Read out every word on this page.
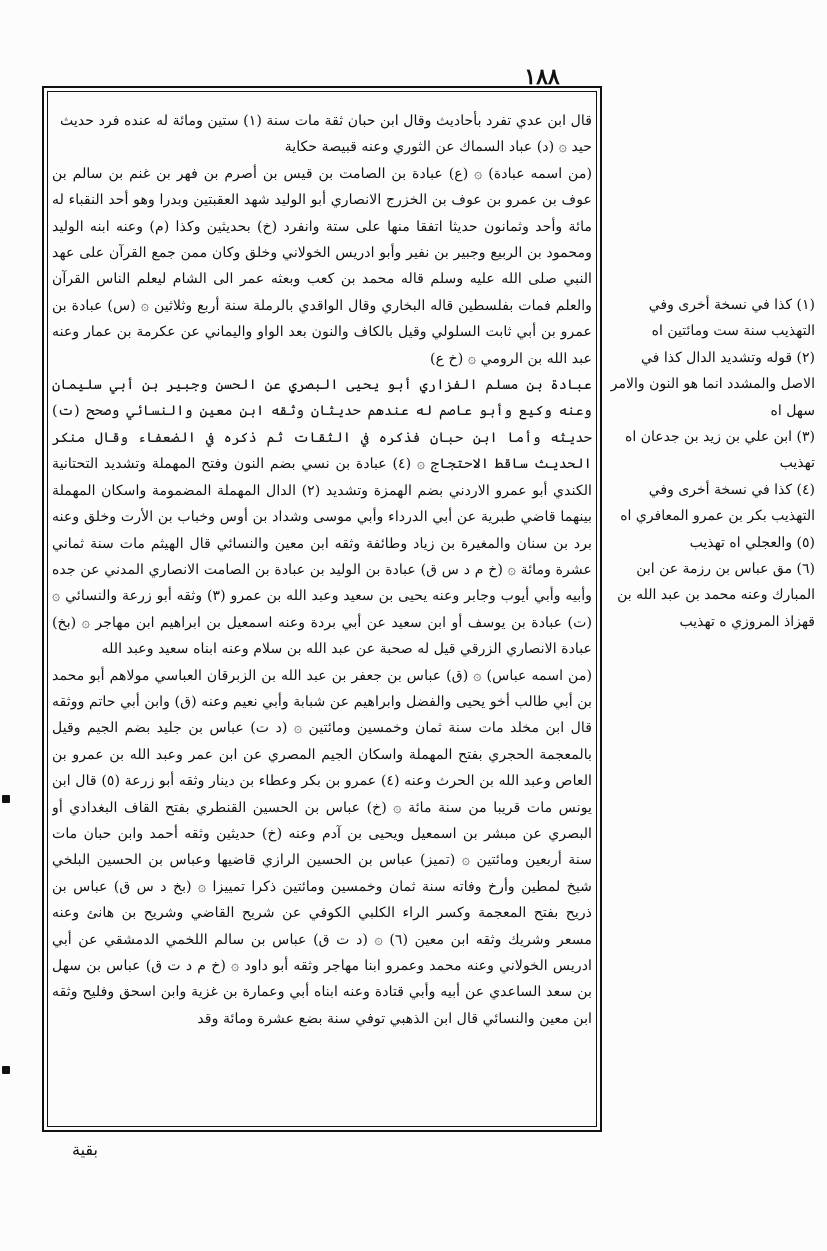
١٨٨

قال ابن عدي تفرد بأحاديث وقال ابن حبان ثقة مات سنة (١) ستين ومائة له عنده فرد حديث

حيد ۞ (د) عباد السماك عن الثوري وعنه قبيصة حكاية

(من اسمه عبادة) ۞ (ع) عبادة بن الصامت بن قيس بن أصرم بن فهر بن غنم بن سالم بن عوف بن عمرو بن عوف بن الخزرج الانصاري أبو الوليد شهد العقبتين وبدرا وهو أحد النقباء له مائة وأحد وثمانون حديثا اتفقا منها على ستة وانفرد (خ) بحديثين وكذا (م) وعنه ابنه الوليد ومحمود بن الربيع وجبير بن نفير وأبو ادريس الخولاني وخلق وكان ممن جمع القرآن على عهد النبي صلى الله عليه وسلم قاله محمد بن كعب وبعثه عمر الى الشام ليعلم الناس القرآن والعلم فمات بفلسطين قاله البخاري وقال الواقدي بالرملة سنة أربع وثلاثين ۞ (س) عبادة بن عمرو بن أبي ثابت السلولي وقيل بالكاف والنون بعد الواو واليماني عن عكرمة بن عمار وعنه عبد الله بن الرومي ۞ (خ ع)

عبادة بن مسلم الفزاري أبو يحيى البصري عن الحسن وجبير بن أبي سليمان وعنه وكيع وأبو عاصم له عندهم حديثان وثقه ابن معين والنسائي وصحح (ت) حديثه وأما ابن حبان فذكره في الثقات ثم ذكره في الضعفاء وقال منكر الحديث ساقط الاحتجاج ۞ (٤) عبادة بن نسي بضم النون وفتح المهملة وتشديد التحتانية الكندي أبو عمرو الاردني بضم الهمزة وتشديد (٢) الدال المهملة المضمومة واسكان المهملة بينهما قاضي طبرية عن أبي الدرداء وأبي موسى وشداد بن أوس وخباب بن الأرت وخلق وعنه برد بن سنان والمغيرة بن زياد وطائفة وثقه ابن معين والنسائي قال الهيثم مات سنة ثماني عشرة ومائة ۞ (خ م د س ق) عبادة بن الوليد بن عبادة بن الصامت الانصاري المدني عن جده وأبيه وأبي أيوب وجابر وعنه يحيى بن سعيد وعبد الله بن عمرو (٣) وثقه أبو زرعة والنسائي ۞ (ت) عبادة بن يوسف أو ابن سعيد عن أبي بردة وعنه اسمعيل بن ابراهيم ابن مهاجر ۞ (بخ) عبادة الانصاري الزرقي قيل له صحبة عن عبد الله بن سلام وعنه ابناه سعيد وعبد الله

(من اسمه عباس) ۞ (ق) عباس بن جعفر بن عبد الله بن الزبرقان العباسي مولاهم أبو محمد بن أبي طالب أخو يحيى والفضل وابراهيم عن شبابة وأبي نعيم وعنه (ق) وابن أبي حاتم ووثقه قال ابن مخلد مات سنة ثمان وخمسين ومائتين ۞ (د ت) عباس بن جليد بضم الجيم وقيل بالمعجمة الحجري بفتح المهملة واسكان الجيم المصري عن ابن عمر وعبد الله بن عمرو بن العاص وعبد الله بن الحرث وعنه (٤) عمرو بن بكر وعطاء بن دينار وثقه أبو زرعة (٥) قال ابن يونس مات قريبا من سنة مائة ۞ (خ) عباس بن الحسين القنطري بفتح القاف البغدادي أو البصري عن مبشر بن اسمعيل ويحيى بن آدم وعنه (خ) حديثين وثقه أحمد وابن حبان مات سنة أربعين ومائتين ۞ (تميز) عباس بن الحسين الرازي قاضيها وعباس بن الحسين البلخي شيخ لمطين وأرخ وفاته سنة ثمان وخمسين ومائتين ذكرا تمييزا ۞ (بخ د س ق) عباس بن ذريح بفتح المعجمة وكسر الراء الكلبي الكوفي عن شريح القاضي وشريح بن هانئ وعنه مسعر وشريك وثقه ابن معين (٦) ۞ (د ت ق) عباس بن سالم اللخمي الدمشقي عن أبي ادريس الخولاني وعنه محمد وعمرو ابنا مهاجر وثقه أبو داود ۞ (خ م د ت ق) عباس بن سهل بن سعد الساعدي عن أبيه وأبي قتادة وعنه ابناه أبي وعمارة بن غزية وابن اسحق وفليح وثقه ابن معين والنسائي قال ابن الذهبي توفي سنة بضع عشرة ومائة وقد

(١) كذا في نسخة أخرى وفي التهذيب سنة ست ومائتين اه

(٢) قوله وتشديد الدال كذا في الاصل والمشدد انما هو النون والامر سهل اه

(٣) ابن علي بن زيد بن جدعان اه تهذيب

(٤) كذا في نسخة أخرى وفي التهذيب بكر بن عمرو المعافري اه

(٥) والعجلي اه تهذيب

(٦) مق عباس بن رزمة عن ابن المبارك وعنه محمد بن عبد الله بن قهزاذ المروزي ه تهذيب

بقية
